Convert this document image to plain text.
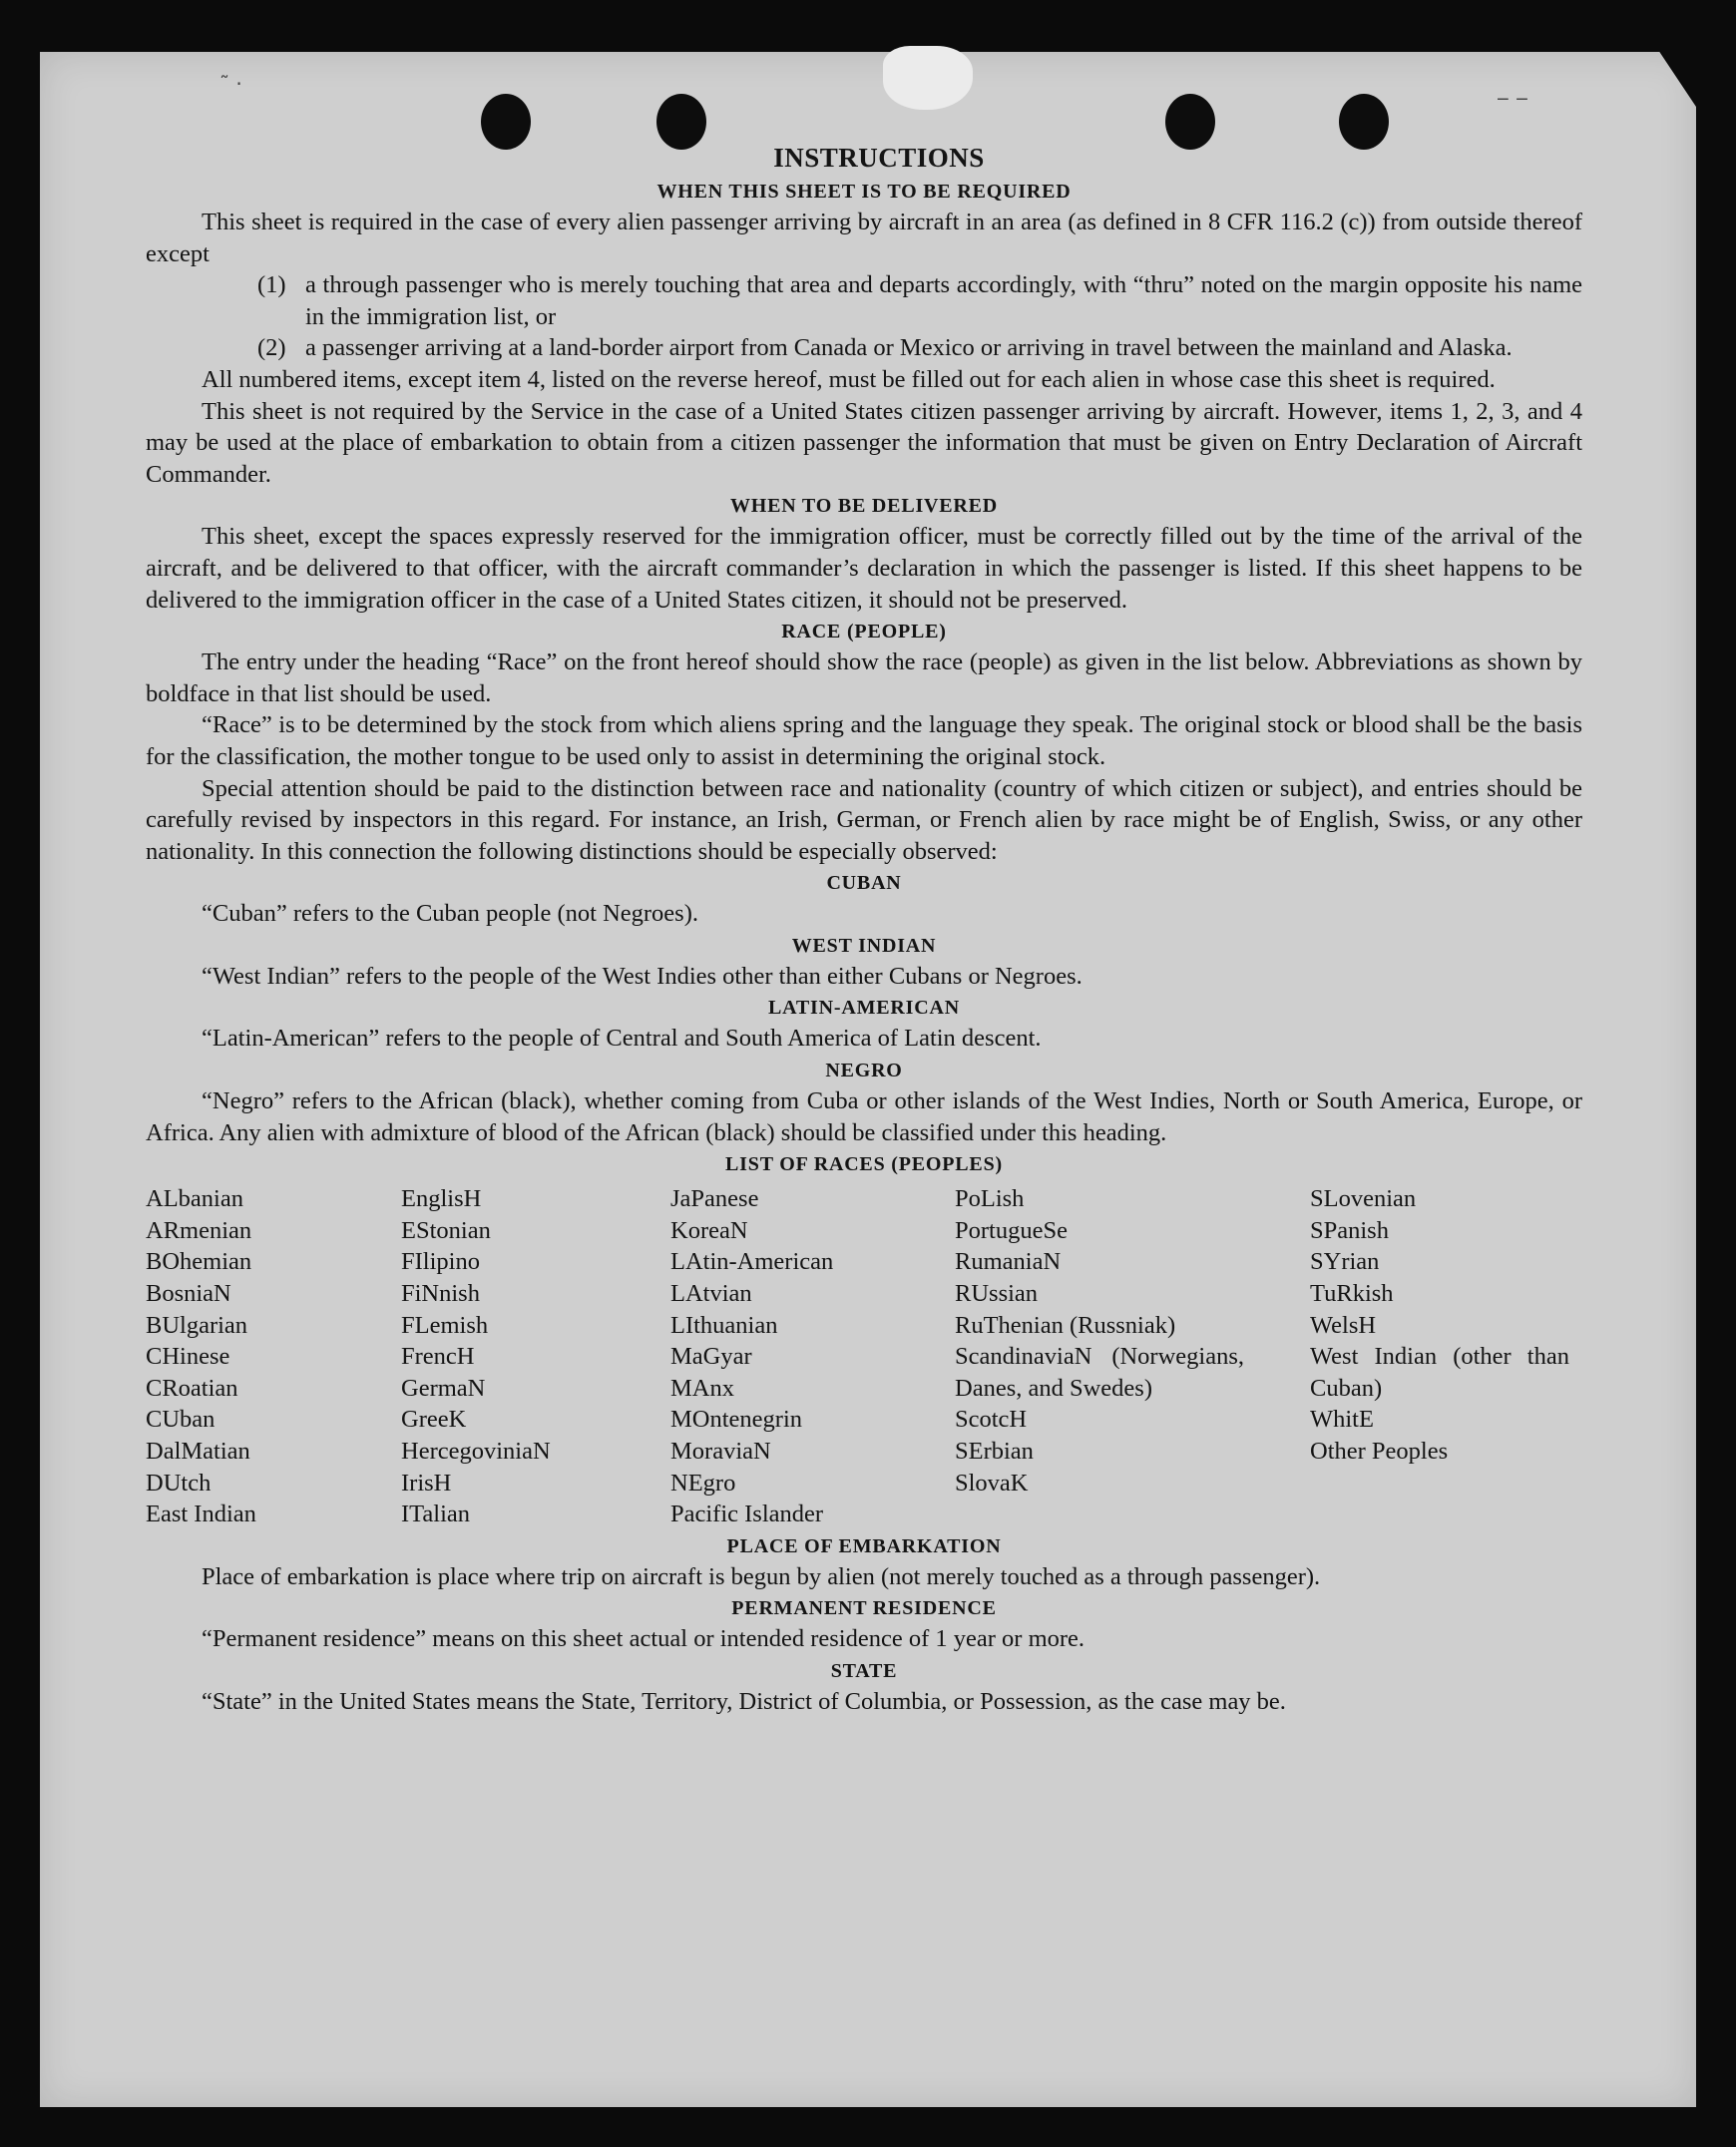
˜ ·
‒ ‒
INSTRUCTIONS
WHEN THIS SHEET IS TO BE REQUIRED

This sheet is required in the case of every alien passenger arriving by aircraft in an area (as defined in 8 CFR 116.2 (c)) from outside thereof except

(1) a through passenger who is merely touching that area and departs accordingly, with “thru” noted on the margin opposite his name in the immigration list, or
(2) a passenger arriving at a land-border airport from Canada or Mexico or arriving in travel between the mainland and Alaska.

All numbered items, except item 4, listed on the reverse hereof, must be filled out for each alien in whose case this sheet is required.

This sheet is not required by the Service in the case of a United States citizen passenger arriving by aircraft. However, items 1, 2, 3, and 4 may be used at the place of embarkation to obtain from a citizen passenger the information that must be given on Entry Declaration of Aircraft Commander.

WHEN TO BE DELIVERED

This sheet, except the spaces expressly reserved for the immigration officer, must be correctly filled out by the time of the arrival of the aircraft, and be delivered to that officer, with the aircraft commander’s declaration in which the passenger is listed. If this sheet happens to be delivered to the immigration officer in the case of a United States citizen, it should not be preserved.

RACE (PEOPLE)

The entry under the heading “Race” on the front hereof should show the race (people) as given in the list below. Abbreviations as shown by boldface in that list should be used.

“Race” is to be determined by the stock from which aliens spring and the language they speak. The original stock or blood shall be the basis for the classification, the mother tongue to be used only to assist in determining the original stock.

Special attention should be paid to the distinction between race and nationality (country of which citizen or subject), and entries should be carefully revised by inspectors in this regard. For instance, an Irish, German, or French alien by race might be of English, Swiss, or any other nationality. In this connection the following distinctions should be especially observed:

CUBAN

“Cuban” refers to the Cuban people (not Negroes).

WEST INDIAN

“West Indian” refers to the people of the West Indies other than either Cubans or Negroes.

LATIN-AMERICAN

“Latin-American” refers to the people of Central and South America of Latin descent.

NEGRO

“Negro” refers to the African (black), whether coming from Cuba or other islands of the West Indies, North or South America, Europe, or Africa. Any alien with admixture of blood of the African (black) should be classified under this heading.

LIST OF RACES (PEOPLES)
ALbanian
ARmenian
BOhemian
BosniaN
BUlgarian
CHinese
CRoatian
CUban
DalMatian
DUtch
East Indian
EnglisH
EStonian
FIlipino
FiNnish
FLemish
FrencH
GermaN
GreeK
HercegoviniaN
IrisH
ITalian
JaPanese
KoreaN
LAtin-American
LAtvian
LIthuanian
MaGyar
MAnx
MOntenegrin
MoraviaN
NEgro
Pacific Islander
PoLish
PortugueSe
RumaniaN
RUssian
RuThenian (Russniak)
ScandinaviaN (Norwegians, Danes, and Swedes)
ScotcH
SErbian
SlovaK
SLovenian
SPanish
SYrian
TuRkish
WelsH
West Indian (other than Cuban)
WhitE
Other Peoples
PLACE OF EMBARKATION

Place of embarkation is place where trip on aircraft is begun by alien (not merely touched as a through passenger).

PERMANENT RESIDENCE

“Permanent residence” means on this sheet actual or intended residence of 1 year or more.

STATE

“State” in the United States means the State, Territory, District of Columbia, or Possession, as the case may be.
